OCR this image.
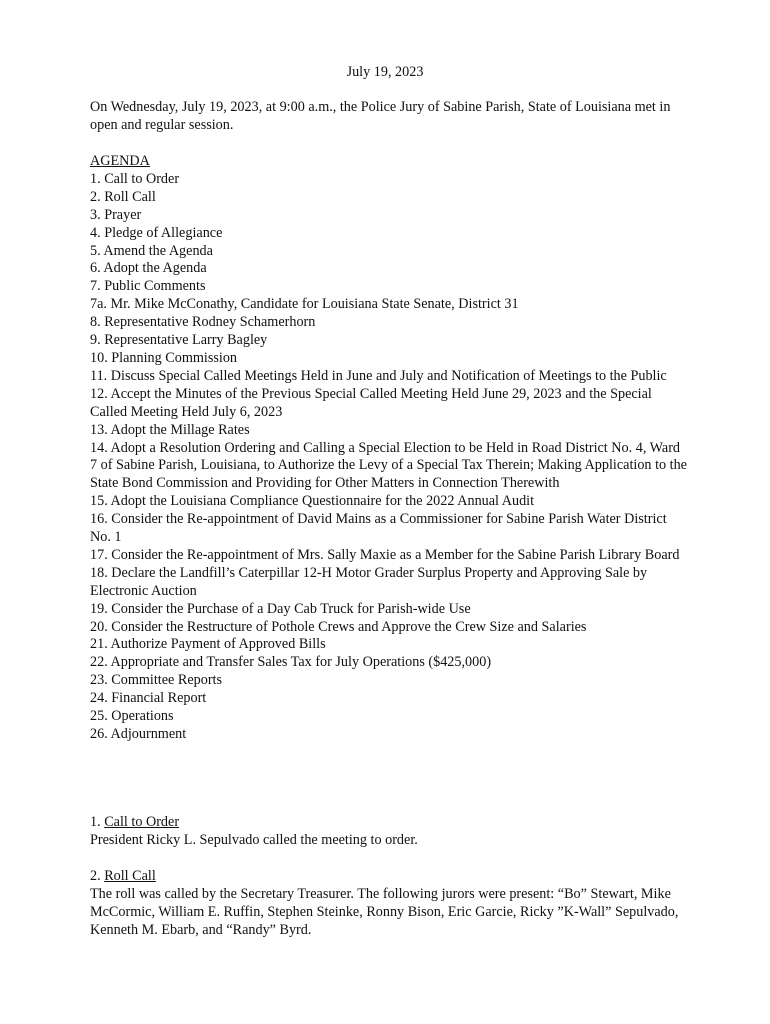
July 19, 2023
On Wednesday, July 19, 2023, at 9:00 a.m., the Police Jury of Sabine Parish, State of Louisiana met in open and regular session.
AGENDA
1. Call to Order
2. Roll Call
3. Prayer
4. Pledge of Allegiance
5. Amend the Agenda
6. Adopt the Agenda
7. Public Comments
7a. Mr. Mike McConathy, Candidate for Louisiana State Senate, District 31
8. Representative Rodney Schamerhorn
9. Representative Larry Bagley
10. Planning Commission
11. Discuss Special Called Meetings Held in June and July and Notification of Meetings to the Public
12. Accept the Minutes of the Previous Special Called Meeting Held June 29, 2023 and the Special Called Meeting Held July 6, 2023
13. Adopt the Millage Rates
14. Adopt a Resolution Ordering and Calling a Special Election to be Held in Road District No. 4, Ward 7 of Sabine Parish, Louisiana, to Authorize the Levy of a Special Tax Therein; Making Application to the State Bond Commission and Providing for Other Matters in Connection Therewith
15. Adopt the Louisiana Compliance Questionnaire for the 2022 Annual Audit
16. Consider the Re-appointment of David Mains as a Commissioner for Sabine Parish Water District No. 1
17. Consider the Re-appointment of Mrs. Sally Maxie as a Member for the Sabine Parish Library Board
18. Declare the Landfill’s Caterpillar 12-H Motor Grader Surplus Property and Approving Sale by Electronic Auction
19. Consider the Purchase of a Day Cab Truck for Parish-wide Use
20. Consider the Restructure of Pothole Crews and Approve the Crew Size and Salaries
21. Authorize Payment of Approved Bills
22. Appropriate and Transfer Sales Tax for July Operations ($425,000)
23. Committee Reports
24. Financial Report
25. Operations
26. Adjournment
1. Call to Order
President Ricky L. Sepulvado called the meeting to order.
2. Roll Call
The roll was called by the Secretary Treasurer. The following jurors were present: “Bo” Stewart, Mike McCormic, William E. Ruffin, Stephen Steinke, Ronny Bison, Eric Garcie, Ricky ”K-Wall” Sepulvado, Kenneth M. Ebarb, and “Randy” Byrd.
